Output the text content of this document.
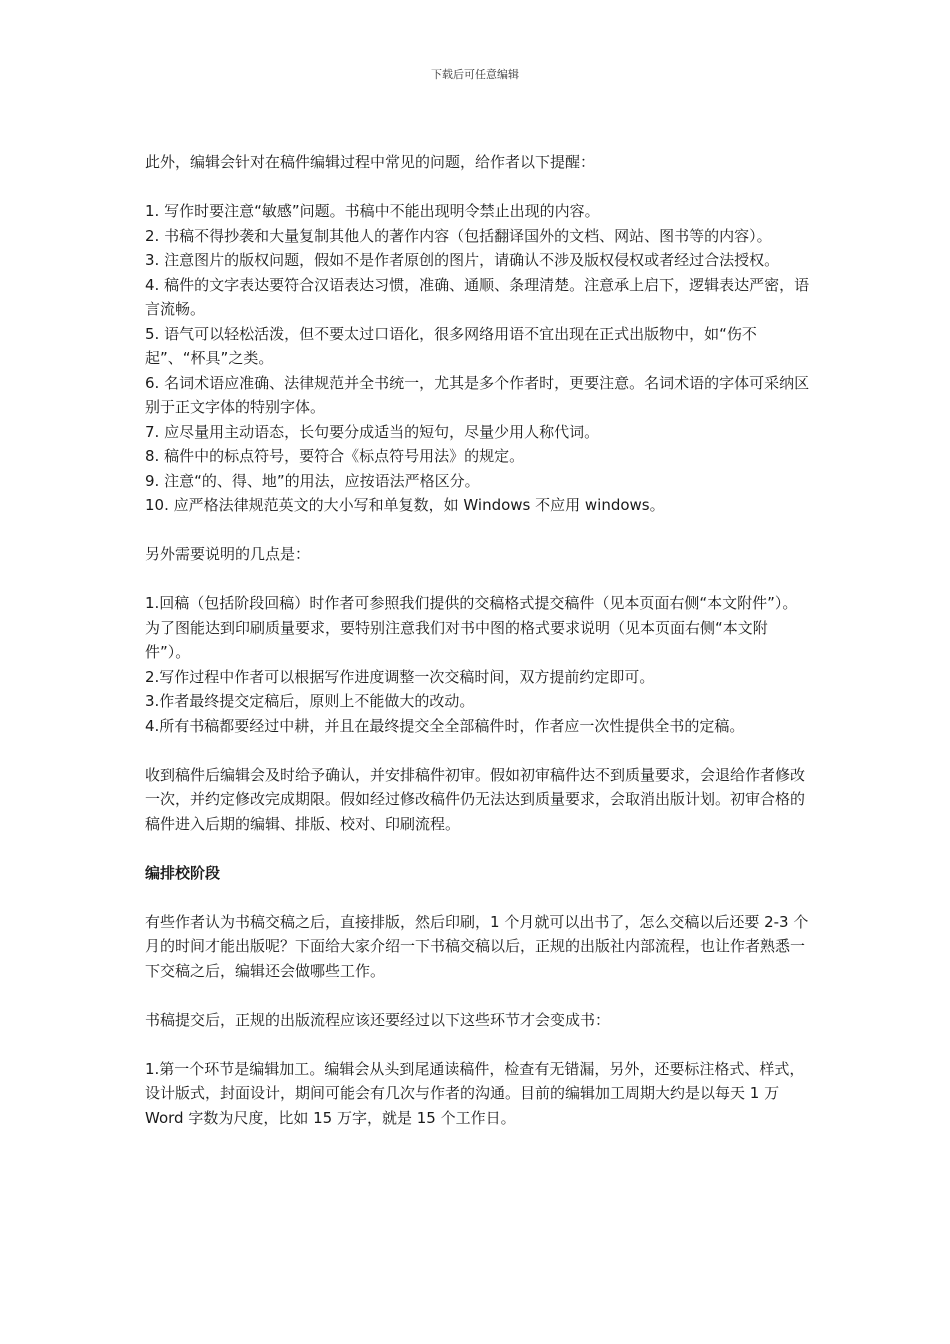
下载后可任意编辑

此外，编辑会针对在稿件编辑过程中常见的问题，给作者以下提醒：

1. 写作时要注意“敏感”问题。书稿中不能出现明令禁止出现的内容。

2. 书稿不得抄袭和大量复制其他人的著作内容（包括翻译国外的文档、网站、图书等的内容）。

3. 注意图片的版权问题，假如不是作者原创的图片，请确认不涉及版权侵权或者经过合法授权。

4. 稿件的文字表达要符合汉语表达习惯，准确、通顺、条理清楚。注意承上启下，逻辑表达严密，语言流畅。

5. 语气可以轻松活泼，但不要太过口语化，很多网络用语不宜出现在正式出版物中，如“伤不起”、“杯具”之类。

6. 名词术语应准确、法律规范并全书统一，尤其是多个作者时，更要注意。名词术语的字体可采纳区别于正文字体的特别字体。

7. 应尽量用主动语态，长句要分成适当的短句，尽量少用人称代词。

8. 稿件中的标点符号，要符合《标点符号用法》的规定。

9. 注意“的、得、地”的用法，应按语法严格区分。

10. 应严格法律规范英文的大小写和单复数，如 Windows 不应用 windows。

另外需要说明的几点是：

1.回稿（包括阶段回稿）时作者可参照我们提供的交稿格式提交稿件（见本页面右侧“本文附件”）。

为了图能达到印刷质量要求，要特别注意我们对书中图的格式要求说明（见本页面右侧“本文附件”）。

2.写作过程中作者可以根据写作进度调整一次交稿时间，双方提前约定即可。

3.作者最终提交定稿后，原则上不能做大的改动。

4.所有书稿都要经过中耕，并且在最终提交全全部稿件时，作者应一次性提供全书的定稿。

收到稿件后编辑会及时给予确认，并安排稿件初审。假如初审稿件达不到质量要求，会退给作者修改一次，并约定修改完成期限。假如经过修改稿件仍无法达到质量要求，会取消出版计划。初审合格的稿件进入后期的编辑、排版、校对、印刷流程。

编排校阶段

有些作者认为书稿交稿之后，直接排版，然后印刷，1 个月就可以出书了，怎么交稿以后还要 2-3 个月的时间才能出版呢？下面给大家介绍一下书稿交稿以后，正规的出版社内部流程，也让作者熟悉一下交稿之后，编辑还会做哪些工作。

书稿提交后，正规的出版流程应该还要经过以下这些环节才会变成书：

1.第一个环节是编辑加工。编辑会从头到尾通读稿件，检查有无错漏，另外，还要标注格式、样式，设计版式，封面设计，期间可能会有几次与作者的沟通。目前的编辑加工周期大约是以每天 1 万 Word 字数为尺度，比如 15 万字，就是 15 个工作日。
